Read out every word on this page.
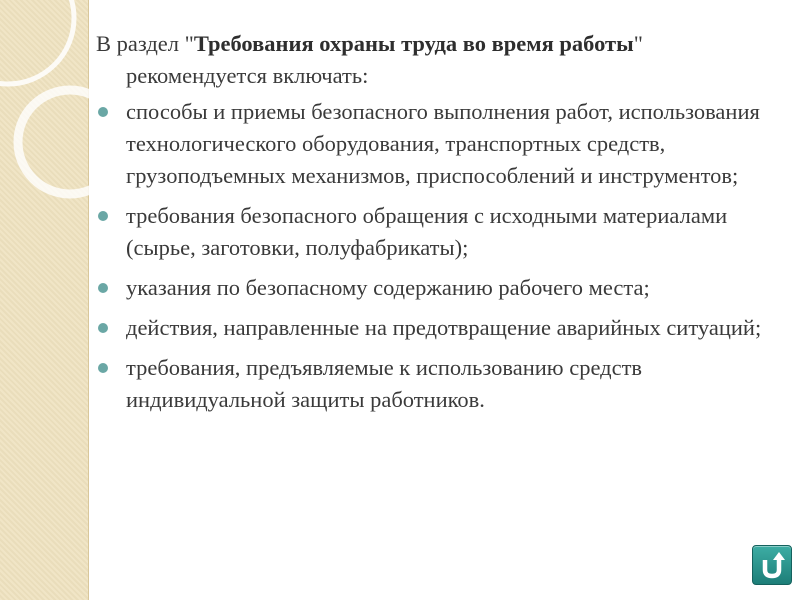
В раздел "Требования охраны труда во время работы" рекомендуется включать:

способы и приемы безопасного выполнения работ, использования технологического оборудования, транспортных средств, грузоподъемных механизмов, приспособлений и инструментов;
требования безопасного обращения с исходными материалами (сырье, заготовки, полуфабрикаты);
указания по безопасному содержанию рабочего места;
действия, направленные на предотвращение аварийных ситуаций;
требования, предъявляемые к использованию средств индивидуальной защиты работников.
